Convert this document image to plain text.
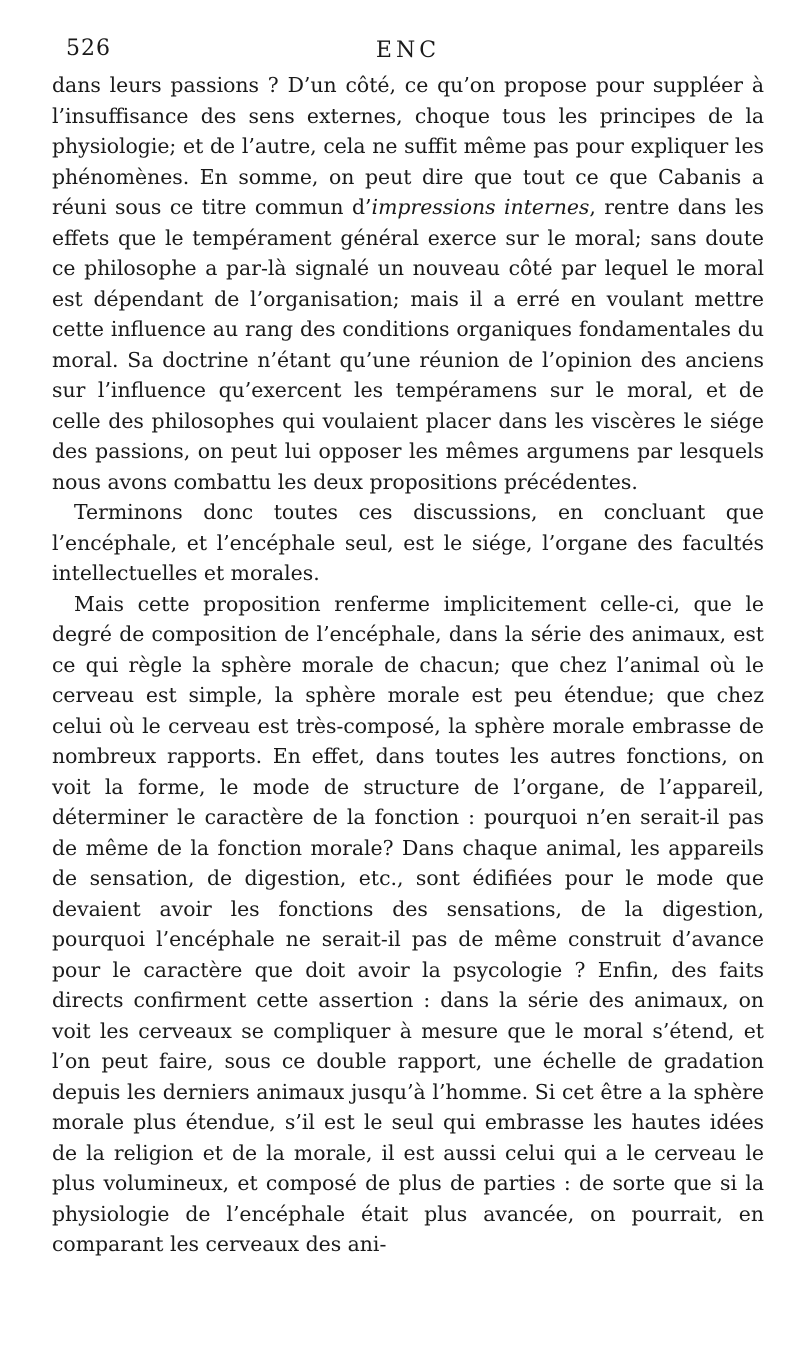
526	ENC

dans leurs passions ? D’un côté, ce qu’on propose pour suppléer à l’insuffisance des sens externes, choque tous les principes de la physiologie; et de l’autre, cela ne suffit même pas pour expliquer les phénomènes. En somme, on peut dire que tout ce que Cabanis a réuni sous ce titre commun d’impressions internes, rentre dans les effets que le tempérament général exerce sur le moral; sans doute ce philosophe a par-là signalé un nouveau côté par lequel le moral est dépendant de l’organisation; mais il a erré en voulant mettre cette influence au rang des conditions organiques fondamentales du moral. Sa doctrine n’étant qu’une réunion de l’opinion des anciens sur l’influence qu’exercent les tempéramens sur le moral, et de celle des philosophes qui voulaient placer dans les viscères le siége des passions, on peut lui opposer les mêmes argumens par lesquels nous avons combattu les deux propositions précédentes.

Terminons donc toutes ces discussions, en concluant que l’encéphale, et l’encéphale seul, est le siége, l’organe des facultés intellectuelles et morales.

Mais cette proposition renferme implicitement celle-ci, que le degré de composition de l’encéphale, dans la série des animaux, est ce qui règle la sphère morale de chacun; que chez l’animal où le cerveau est simple, la sphère morale est peu étendue; que chez celui où le cerveau est très-composé, la sphère morale embrasse de nombreux rapports. En effet, dans toutes les autres fonctions, on voit la forme, le mode de structure de l’organe, de l’appareil, déterminer le caractère de la fonction : pourquoi n’en serait-il pas de même de la fonction morale? Dans chaque animal, les appareils de sensation, de digestion, etc., sont édifiées pour le mode que devaient avoir les fonctions des sensations, de la digestion, pourquoi l’encéphale ne serait-il pas de même construit d’avance pour le caractère que doit avoir la psycologie ? Enfin, des faits directs confirment cette assertion : dans la série des animaux, on voit les cerveaux se compliquer à mesure que le moral s’étend, et l’on peut faire, sous ce double rapport, une échelle de gradation depuis les derniers animaux jusqu’à l’homme. Si cet être a la sphère morale plus étendue, s’il est le seul qui embrasse les hautes idées de la religion et de la morale, il est aussi celui qui a le cerveau le plus volumineux, et composé de plus de parties : de sorte que si la physiologie de l’encéphale était plus avancée, on pourrait, en comparant les cerveaux des ani-
